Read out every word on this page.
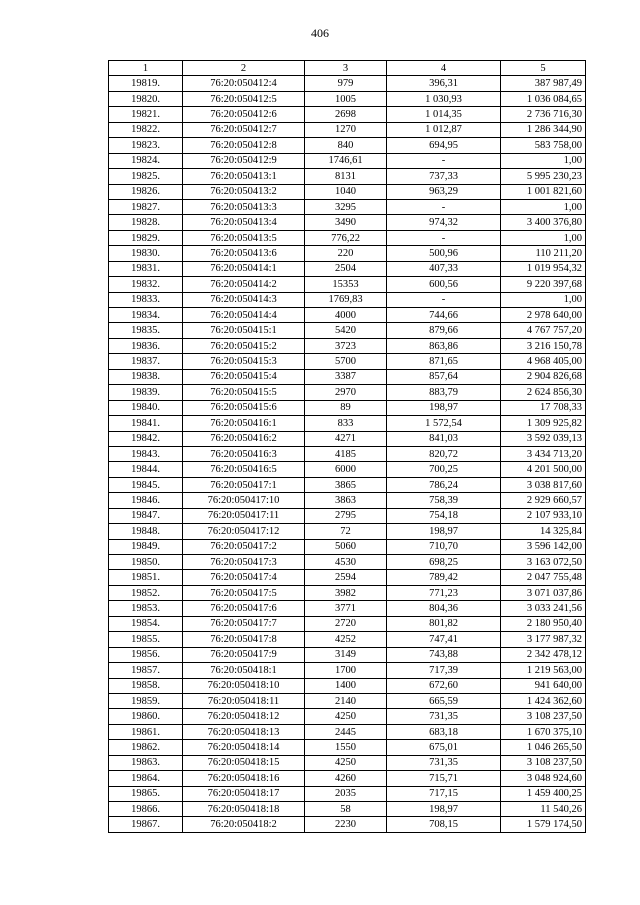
406
1	2	3	4	5
19819.	76:20:050412:4	979	396,31	387 987,49
19820.	76:20:050412:5	1005	1 030,93	1 036 084,65
19821.	76:20:050412:6	2698	1 014,35	2 736 716,30
19822.	76:20:050412:7	1270	1 012,87	1 286 344,90
19823.	76:20:050412:8	840	694,95	583 758,00
19824.	76:20:050412:9	1746,61	-	1,00
19825.	76:20:050413:1	8131	737,33	5 995 230,23
19826.	76:20:050413:2	1040	963,29	1 001 821,60
19827.	76:20:050413:3	3295	-	1,00
19828.	76:20:050413:4	3490	974,32	3 400 376,80
19829.	76:20:050413:5	776,22	-	1,00
19830.	76:20:050413:6	220	500,96	110 211,20
19831.	76:20:050414:1	2504	407,33	1 019 954,32
19832.	76:20:050414:2	15353	600,56	9 220 397,68
19833.	76:20:050414:3	1769,83	-	1,00
19834.	76:20:050414:4	4000	744,66	2 978 640,00
19835.	76:20:050415:1	5420	879,66	4 767 757,20
19836.	76:20:050415:2	3723	863,86	3 216 150,78
19837.	76:20:050415:3	5700	871,65	4 968 405,00
19838.	76:20:050415:4	3387	857,64	2 904 826,68
19839.	76:20:050415:5	2970	883,79	2 624 856,30
19840.	76:20:050415:6	89	198,97	17 708,33
19841.	76:20:050416:1	833	1 572,54	1 309 925,82
19842.	76:20:050416:2	4271	841,03	3 592 039,13
19843.	76:20:050416:3	4185	820,72	3 434 713,20
19844.	76:20:050416:5	6000	700,25	4 201 500,00
19845.	76:20:050417:1	3865	786,24	3 038 817,60
19846.	76:20:050417:10	3863	758,39	2 929 660,57
19847.	76:20:050417:11	2795	754,18	2 107 933,10
19848.	76:20:050417:12	72	198,97	14 325,84
19849.	76:20:050417:2	5060	710,70	3 596 142,00
19850.	76:20:050417:3	4530	698,25	3 163 072,50
19851.	76:20:050417:4	2594	789,42	2 047 755,48
19852.	76:20:050417:5	3982	771,23	3 071 037,86
19853.	76:20:050417:6	3771	804,36	3 033 241,56
19854.	76:20:050417:7	2720	801,82	2 180 950,40
19855.	76:20:050417:8	4252	747,41	3 177 987,32
19856.	76:20:050417:9	3149	743,88	2 342 478,12
19857.	76:20:050418:1	1700	717,39	1 219 563,00
19858.	76:20:050418:10	1400	672,60	941 640,00
19859.	76:20:050418:11	2140	665,59	1 424 362,60
19860.	76:20:050418:12	4250	731,35	3 108 237,50
19861.	76:20:050418:13	2445	683,18	1 670 375,10
19862.	76:20:050418:14	1550	675,01	1 046 265,50
19863.	76:20:050418:15	4250	731,35	3 108 237,50
19864.	76:20:050418:16	4260	715,71	3 048 924,60
19865.	76:20:050418:17	2035	717,15	1 459 400,25
19866.	76:20:050418:18	58	198,97	11 540,26
19867.	76:20:050418:2	2230	708,15	1 579 174,50
